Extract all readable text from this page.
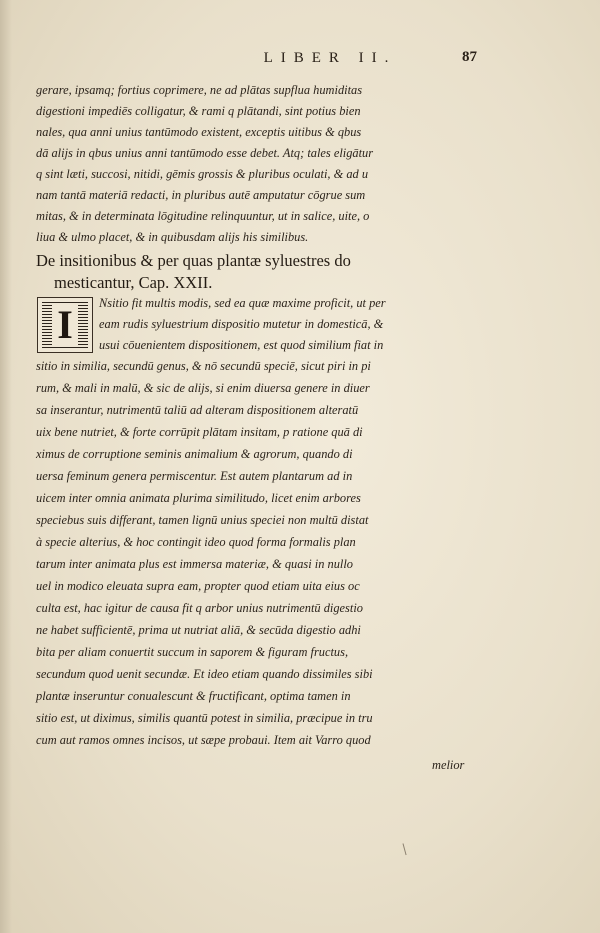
LIBER II.	87
gerare, ipsamq; fortius coprimere, ne ad plātas supflua humiditas
digestioni impediēs colligatur, & rami q plātandi, sint potius bien
nales, qua anni unius tantūmodo existent, exceptis uitibus & qbus
dā alijs in qbus unius anni tantūmodo esse debet. Atq; tales eligātur
q sint læti, succosi, nitidi, gēmis grossis & pluribus oculati, & ad u
nam tantā materiā redacti, in pluribus autē amputatur cōgrue sum
mitas, & in determinata lōgitudine relinquuntur, ut in salice, uite, o
liua & ulmo placet, & in quibusdam alijs his similibus.
De insitionibus & per quas plantæ syluestres do
mesticantur, Cap. XXII.
I	Nsitio fit multis modis, sed ea quæ maxime proficit, ut per
eam rudis syluestrium dispositio mutetur in domesticā, &
usui cōuenientem dispositionem, est quod similium fiat in
sitio in similia, secundū genus, & nō secundū speciē, sicut piri in pi
rum, & mali in malū, & sic de alijs, si enim diuersa genere in diuer
sa inserantur, nutrimentū taliū ad alteram dispositionem alteratū
uix bene nutriet, & forte corrūpit plātam insitam, p ratione quā di
ximus de corruptione seminis animalium & agrorum, quando di
uersa feminum genera permiscentur. Est autem plantarum ad in
uicem inter omnia animata plurima similitudo, licet enim arbores
speciebus suis differant, tamen lignū unius speciei non multū distat
à specie alterius, & hoc contingit ideo quod forma formalis plan
tarum inter animata plus est immersa materiæ, & quasi in nullo
uel in modico eleuata supra eam, propter quod etiam uita eius oc
culta est, hac igitur de causa fit q arbor unius nutrimentū digestio
ne habet sufficientē, prima ut nutriat aliā, & secūda digestio adhi
bita per aliam conuertit succum in saporem & figuram fructus,
secundum quod uenit secundæ. Et ideo etiam quando dissimiles sibi
plantæ inseruntur conualescunt & fructificant, optima tamen in
sitio est, ut diximus, similis quantū potest in similia, præcipue in tru
cum aut ramos omnes incisos, ut sæpe probaui. Item ait Varro quod
melior
